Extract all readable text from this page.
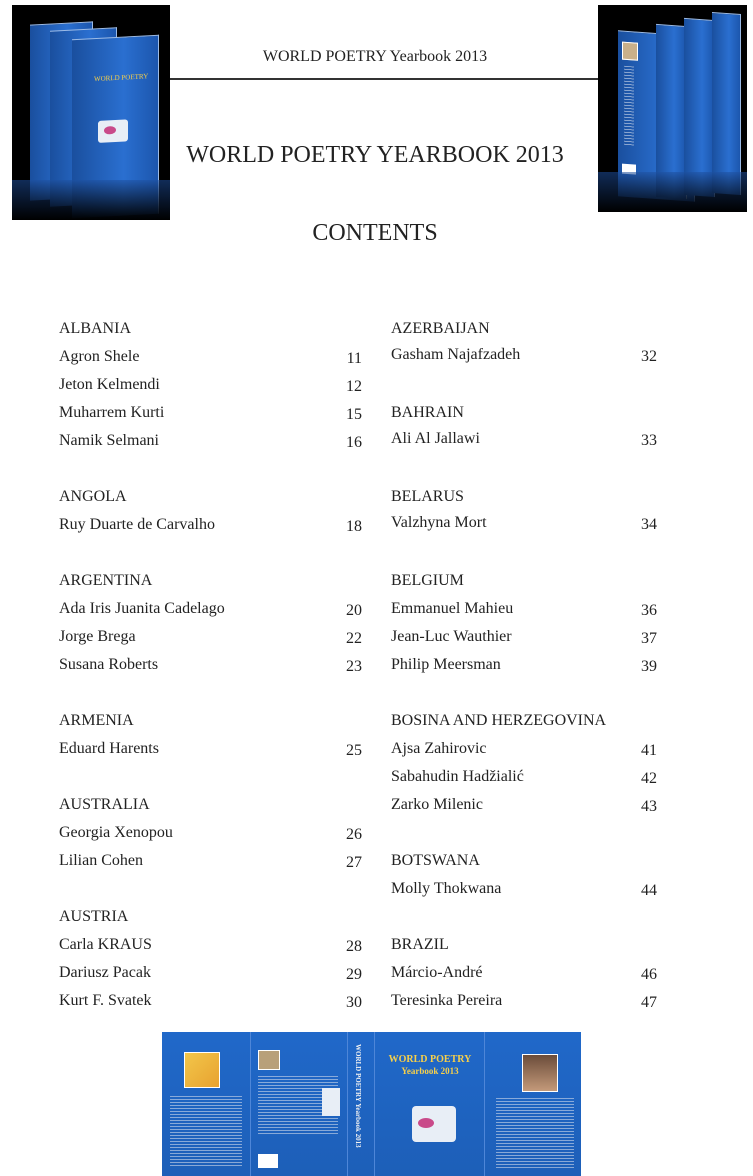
WORLD POETRY Yearbook 2013
WORLD POETRY YEARBOOK 2013
CONTENTS
WORLD POETRY
ALBANIA
Agron Shele	11
Jeton Kelmendi	12
Muharrem Kurti	15
Namik Selmani	16
ANGOLA
Ruy Duarte de Carvalho	18
ARGENTINA
Ada Iris Juanita Cadelago	20
Jorge Brega	22
Susana Roberts	23
ARMENIA
Eduard Harents	25
AUSTRALIA
Georgia Xenopou	26
Lilian Cohen	27
AUSTRIA
Carla KRAUS	28
Dariusz Pacak	29
Kurt F. Svatek	30
AZERBAIJAN
Gasham Najafzadeh	32
BAHRAIN
Ali Al Jallawi	33
BELARUS
Valzhyna Mort	34
BELGIUM
Emmanuel Mahieu	36
Jean-Luc Wauthier	37
Philip Meersman	39
BOSINA AND HERZEGOVINA
Ajsa Zahirovic	41
Sabahudin Hadžialić	42
Zarko Milenic	43
BOTSWANA
Molly Thokwana	44
BRAZIL
Márcio-André	46
Teresinka Pereira	47
WORLD POETRY Yearbook 2013	WORLD POETRY
Yearbook 2013
